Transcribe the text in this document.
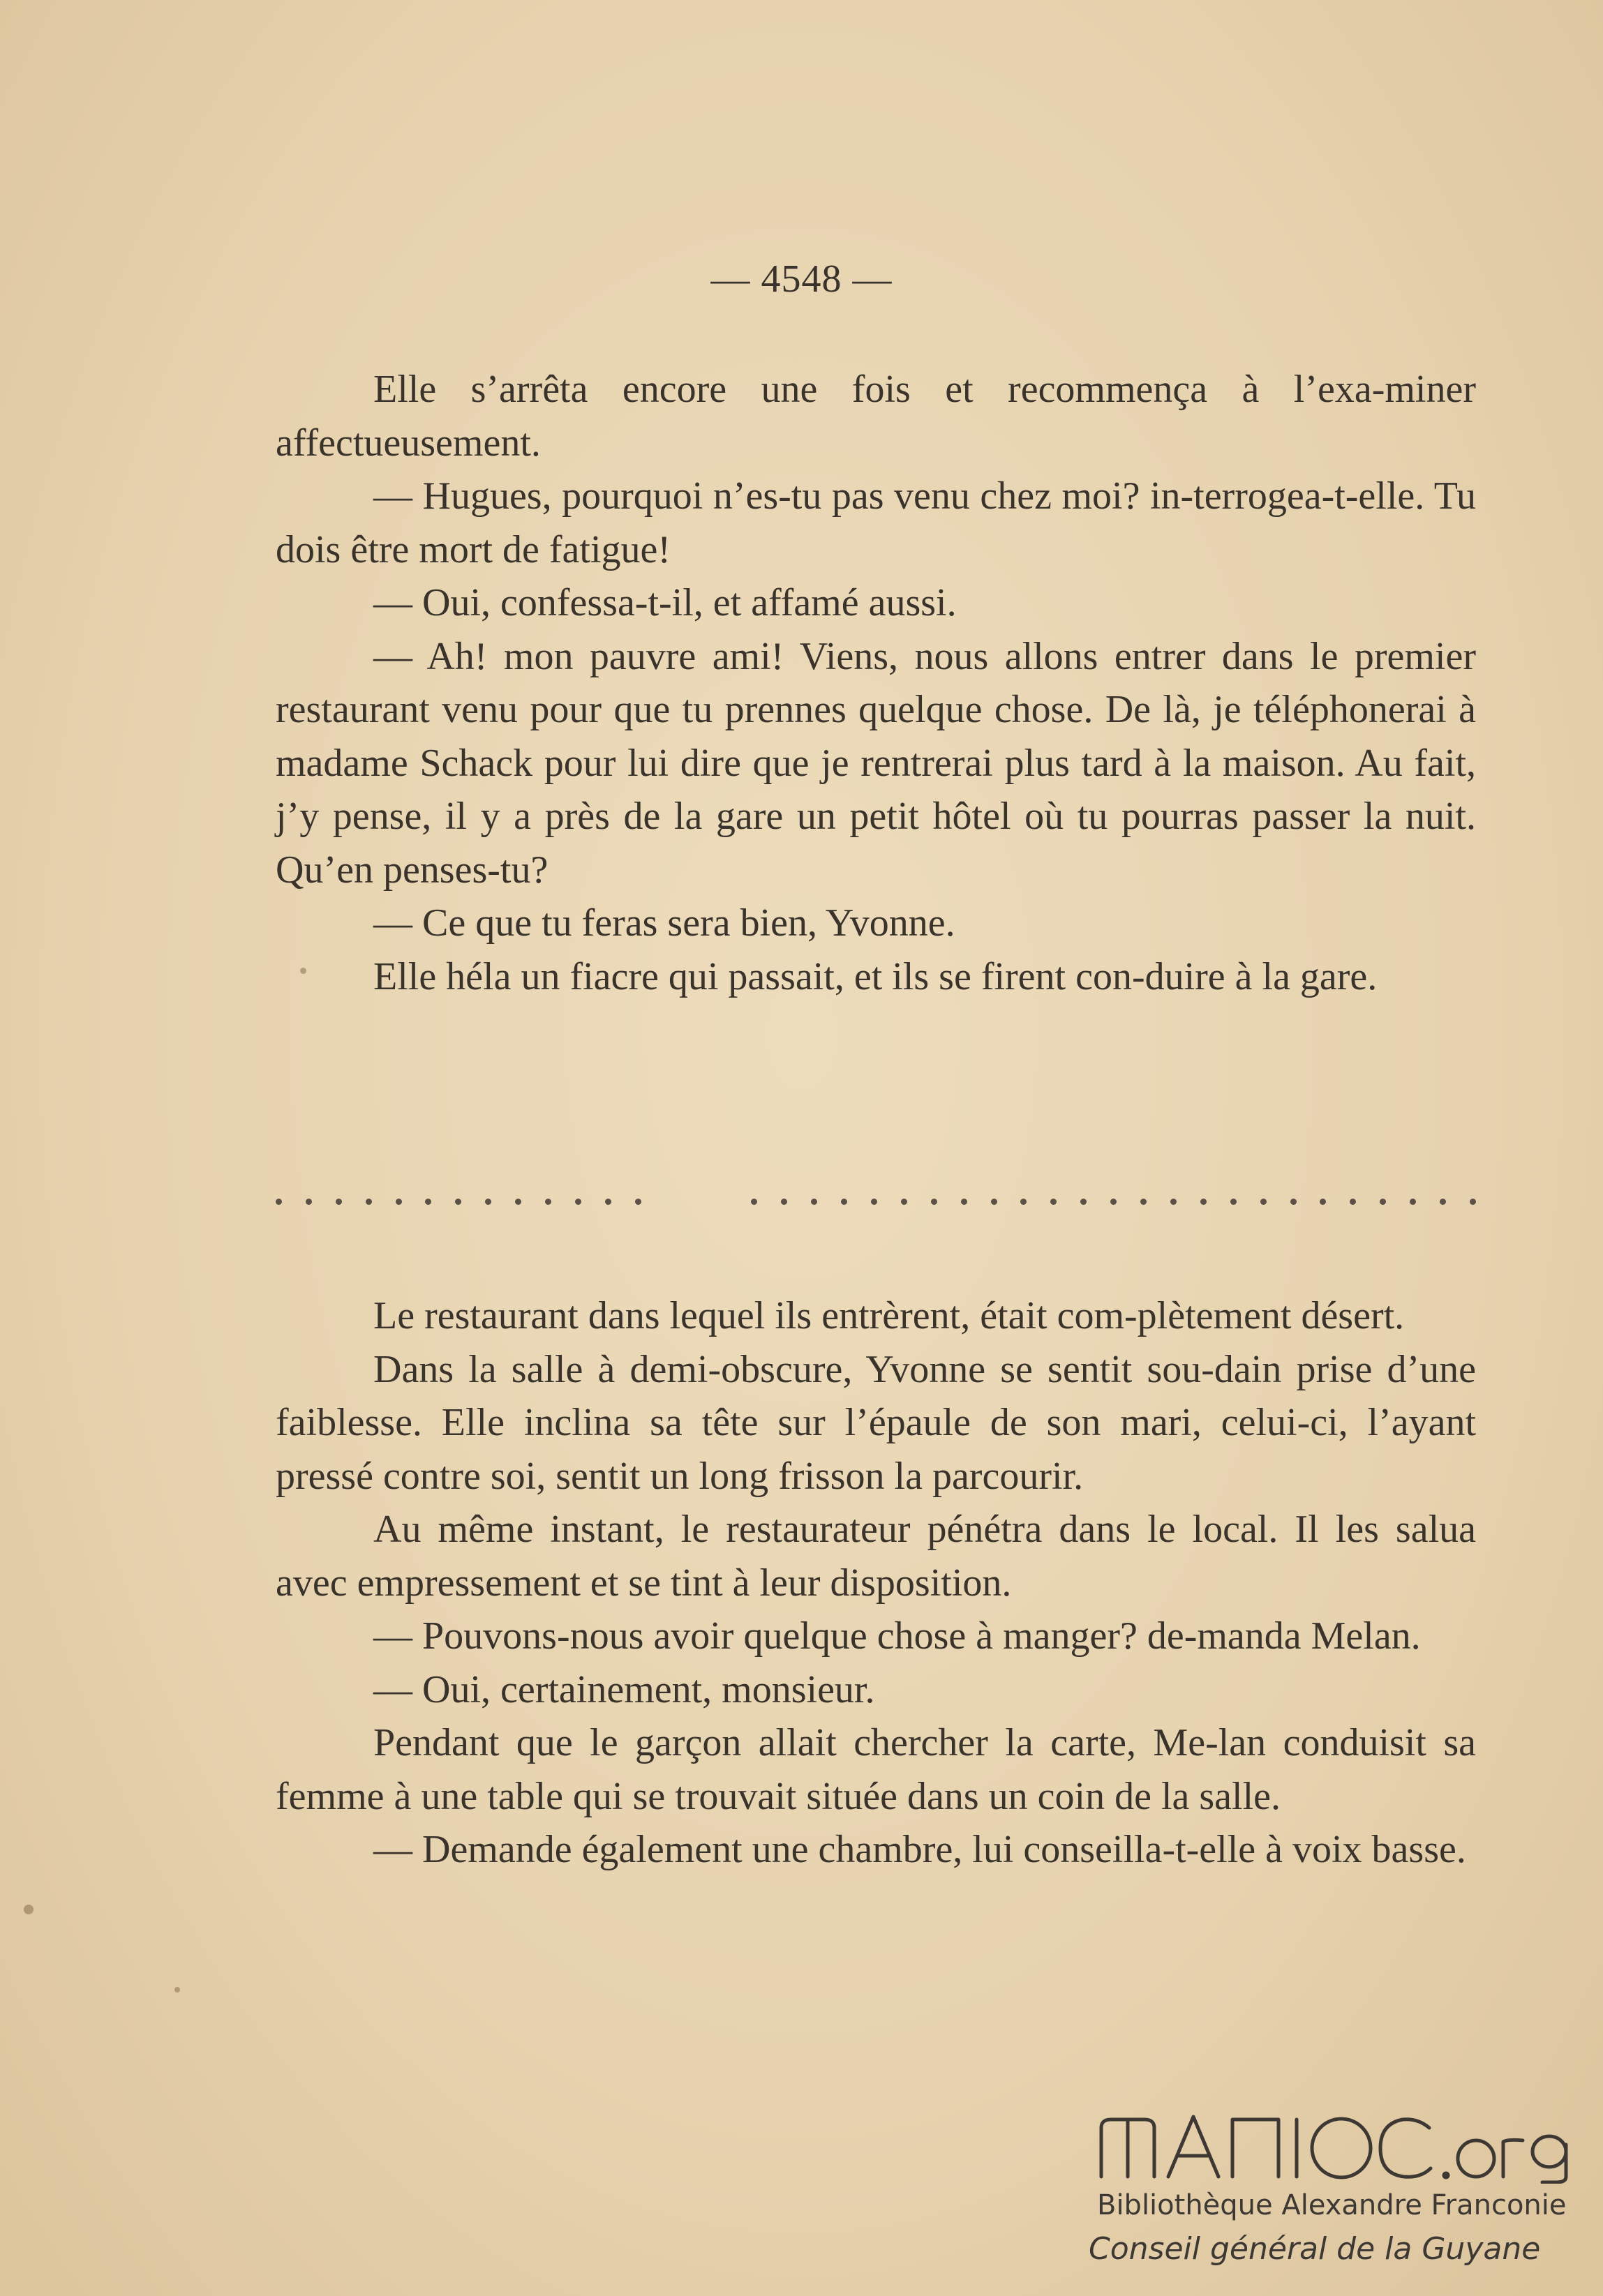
— 4548 —

Elle s’arrêta encore une fois et recommença à l’exa-miner affectueusement.

— Hugues, pourquoi n’es-tu pas venu chez moi? in-terrogea-t-elle. Tu dois être mort de fatigue!

— Oui, confessa-t-il, et affamé aussi.

— Ah! mon pauvre ami! Viens, nous allons entrer dans le premier restaurant venu pour que tu prennes quelque chose. De là, je téléphonerai à madame Schack pour lui dire que je rentrerai plus tard à la maison. Au fait, j’y pense, il y a près de la gare un petit hôtel où tu pourras passer la nuit. Qu’en penses-tu?

— Ce que tu feras sera bien, Yvonne.

Elle héla un fiacre qui passait, et ils se firent con-duire à la gare.

Le restaurant dans lequel ils entrèrent, était com-plètement désert.

Dans la salle à demi-obscure, Yvonne se sentit sou-dain prise d’une faiblesse. Elle inclina sa tête sur l’épaule de son mari, celui-ci, l’ayant pressé contre soi, sentit un long frisson la parcourir.

Au même instant, le restaurateur pénétra dans le local. Il les salua avec empressement et se tint à leur disposition.

— Pouvons-nous avoir quelque chose à manger? de-manda Melan.

— Oui, certainement, monsieur.

Pendant que le garçon allait chercher la carte, Me-lan conduisit sa femme à une table qui se trouvait située dans un coin de la salle.

— Demande également une chambre, lui conseilla-t-elle à voix basse.

Bibliothèque Alexandre Franconie
Conseil général de la Guyane
